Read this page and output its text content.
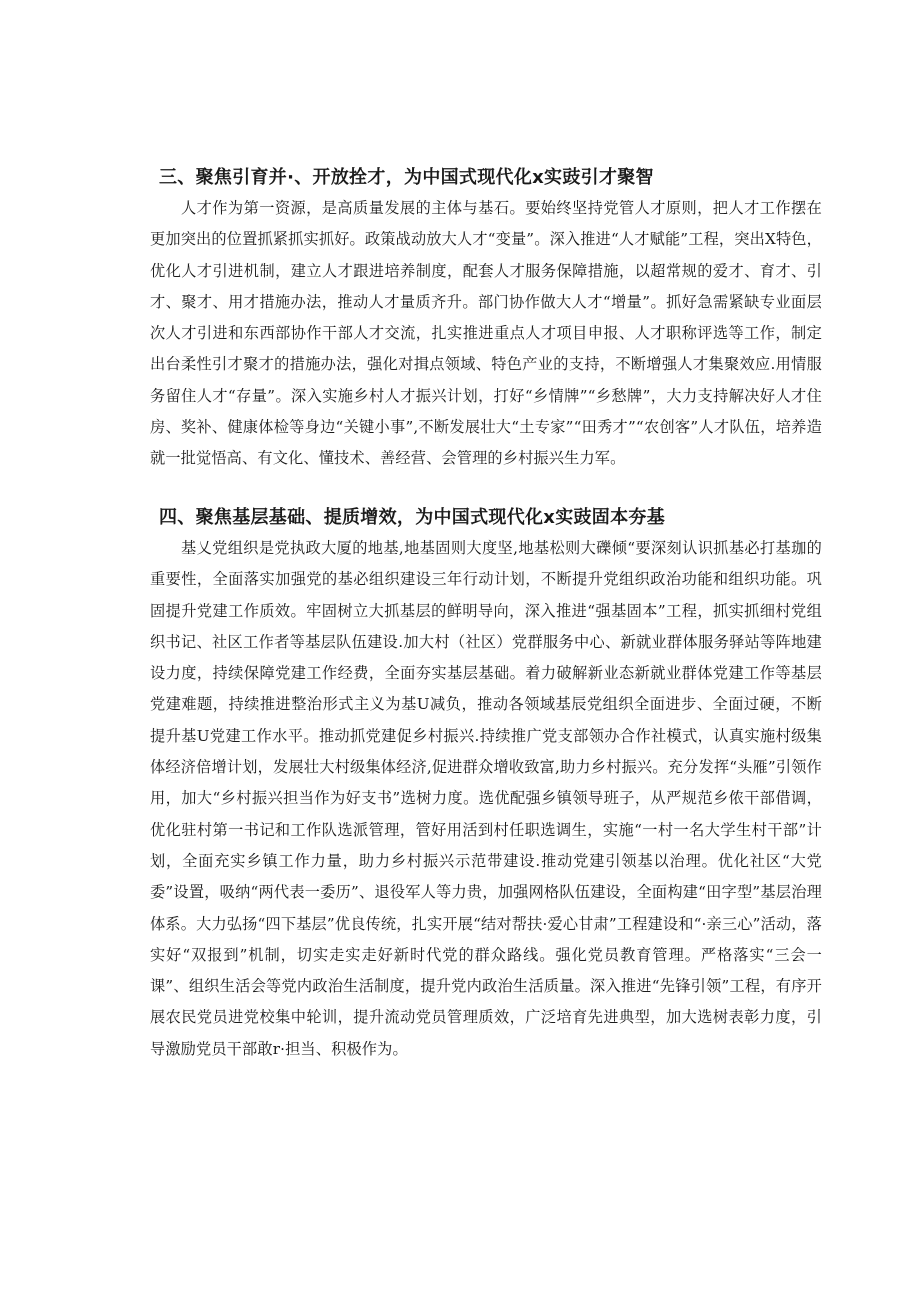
三、聚焦引育并·、开放拴才，为中国式现代化x实豉引才聚智

人才作为第一资源，是高质量发展的主体与基石。要始终坚持党管人才原则，把人才工作摆在更加突出的位置抓紧抓实抓好。政策战动放大人才“变量”。深入推进“人才赋能”工程，突出X特色，优化人才引进机制，建立人才跟进培养制度，配套人才服务保障措施，以超常规的爱才、育才、引才、聚才、用才措施办法，推动人才量质齐升。部门协作做大人才“增量”。抓好急需紧缺专业面层次人才引进和东西部协作干部人才交流，扎实推进重点人才项目申报、人才职称评选等工作，制定出台柔性引才聚才的措施办法，强化对揖点领域、特色产业的支持，不断增强人才集聚效应.用情服务留住人才“存量”。深入实施乡村人才振兴计划，打好“乡情牌”“乡愁牌”，大力支持解决好人才住房、奖补、健康体检等身边“关键小事”,不断发展壮大“土专家”“田秀才”“农创客”人才队伍，培养造就一批觉悟高、有文化、懂技术、善经营、会管理的乡村振兴生力军。

四、聚焦基层基础、提质增效，为中国式现代化x实豉固本夯基

基乂党组织是党执政大厦的地基,地基固则大度坚,地基松则大礫倾“要深刻认识抓基必打基珈的重要性，全面落实加强党的基必组织建设三年行动计划，不断提升党组织政治功能和组织功能。巩固提升党建工作质效。牢固树立大抓基层的鲜明导向，深入推进“强基固本”工程，抓实抓细村党组织书记、社区工作者等基层队伍建设.加大村（社区）党群服务中心、新就业群体服务驿站等阵地建设力度，持续保障党建工作经费，全面夯实基层基础。着力破解新业态新就业群体党建工作等基层党建难题，持续推进整治形式主义为基U减负，推动各领域基辰党组织全面进步、全面过硬，不断提升基U党建工作水平。推动抓党建促乡村振兴.持续推广党支部领办合作社模式，认真实施村级集体经济倍增计划，发展壮大村级集体经济,促进群众增收致富,助力乡村振兴。充分发挥“头雁”引领作用，加大“乡村振兴担当作为好支书”选树力度。选优配强乡镇领导班子，从严规范乡侬干部借调，优化驻村第一书记和工作队选派管理，管好用活到村任职选调生，实施“一村一名大学生村干部”计划，全面充实乡镇工作力量，助力乡村振兴示范带建设.推动党建引领基以治理。优化社区“大党委”设置，吸纳“两代表一委历”、退役军人等力贵，加强网格队伍建设，全面构建“田字型”基层治理体系。大力弘扬“四下基层”优良传统，扎实开展“结对帮扶·爱心甘肃”工程建设和“·亲三心”活动，落实好“双报到”机制，切实走实走好新时代党的群众路线。强化党员教育管理。严格落实“三会一课”、组织生活会等党内政治生活制度，提升党内政治生活质量。深入推进“先锋引领”工程，有序开展农民党员进党校集中轮训，提升流动党员管理质效，广泛培育先进典型，加大选树表彰力度，引导激励党员干部敢r·担当、积极作为。
